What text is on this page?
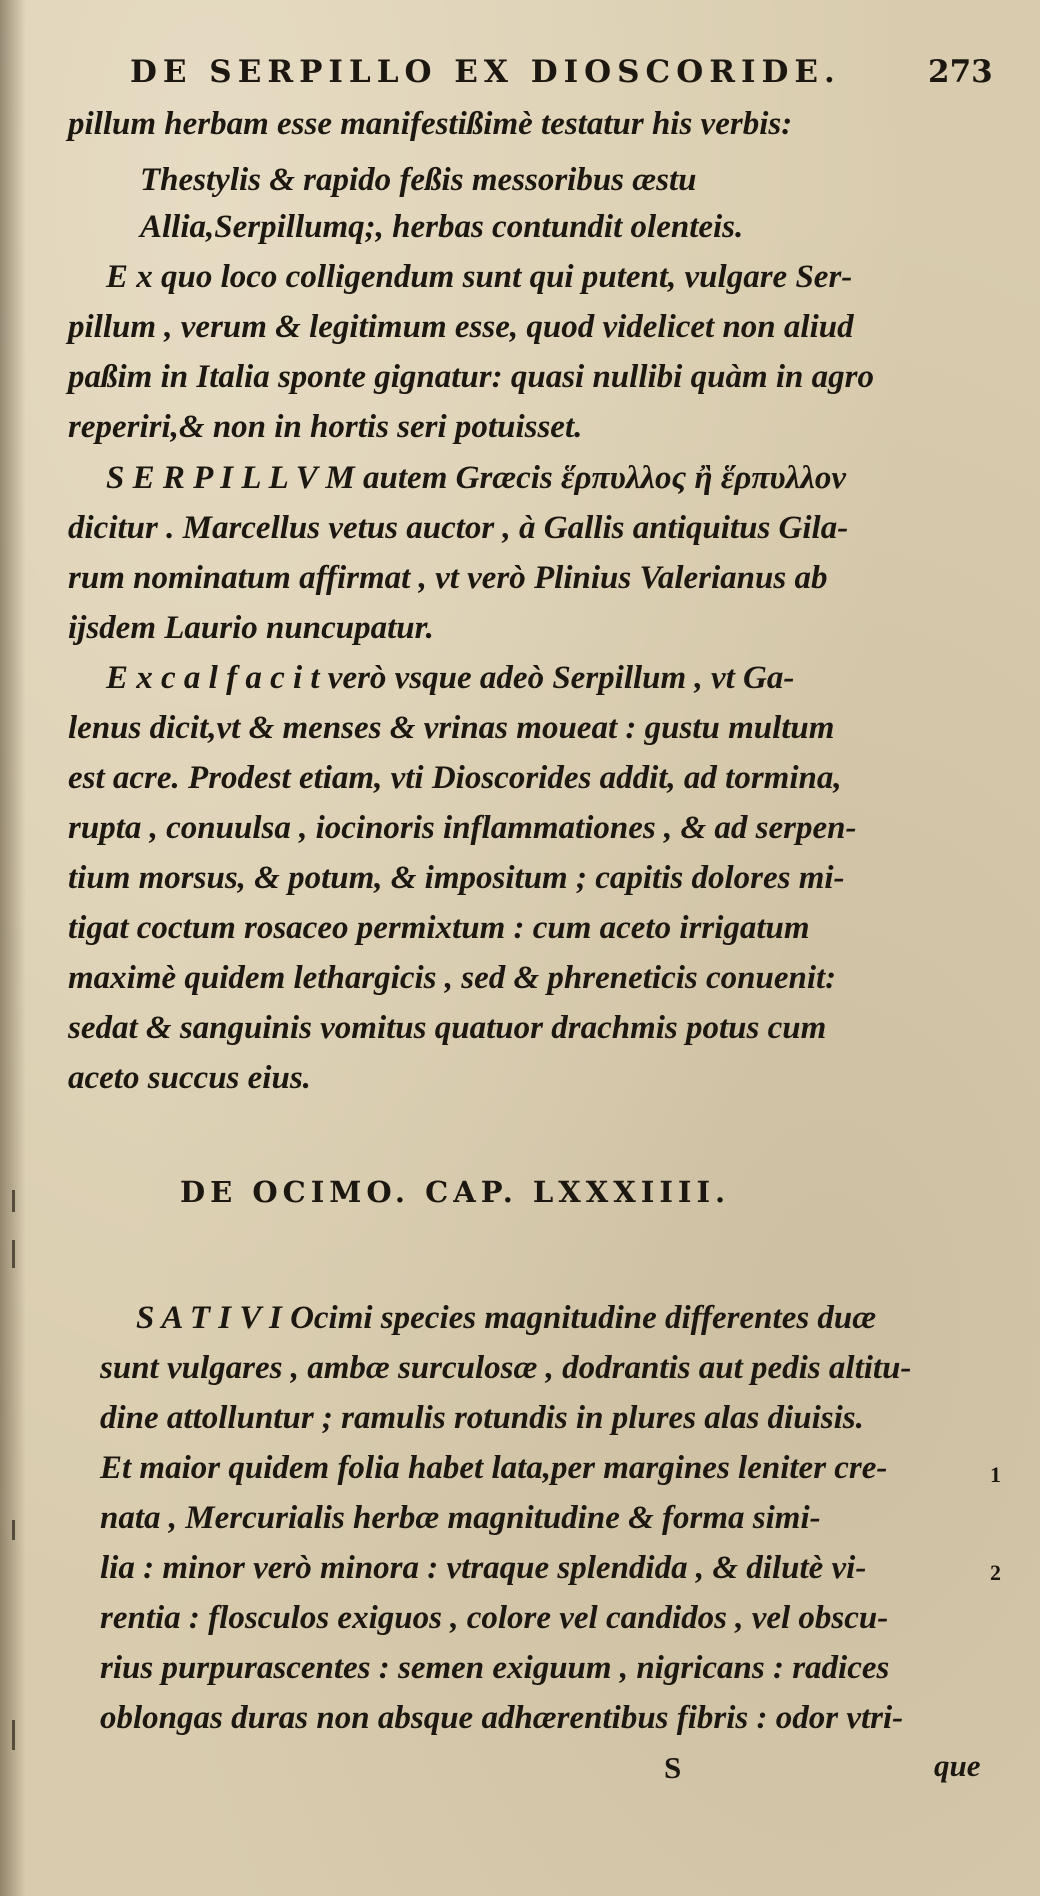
DE SERPILLO EX DIOSCORIDE.	273
pillum herbam esse manifestißimè testatur his verbis:
Thestylis & rapido feßis messoribus æstu
Allia,Serpillumq;, herbas contundit olenteis.
E x quo loco colligendum sunt qui putent, vulgare Ser-
pillum , verum & legitimum esse, quod videlicet non aliud
paßim in Italia sponte gignatur: quasi nullibi quàm in agro
reperiri,& non in hortis seri potuisset.
S E R P I L L V M autem Græcis ἕρπυλλος ἢ ἕρπυλλον
dicitur . Marcellus vetus auctor , à Gallis antiquitus Gila-
rum nominatum affirmat , vt verò Plinius Valerianus ab
ijsdem Laurio nuncupatur.
E x c a l f a c i t verò vsque adeò Serpillum , vt Ga-
lenus dicit,vt & menses & vrinas moueat : gustu multum
est acre. Prodest etiam, vti Dioscorides addit, ad tormina,
rupta , conuulsa , iocinoris inflammationes , & ad serpen-
tium morsus, & potum, & impositum ; capitis dolores mi-
tigat coctum rosaceo permixtum : cum aceto irrigatum
maximè quidem lethargicis , sed & phreneticis conuenit:
sedat & sanguinis vomitus quatuor drachmis potus cum
aceto succus eius.
DE OCIMO. CAP. LXXXIIII.
S A T I V I Ocimi species magnitudine differentes duæ
sunt vulgares , ambæ surculosæ , dodrantis aut pedis altitu-
dine attolluntur ; ramulis rotundis in plures alas diuisis.
Et maior quidem folia habet lata,per margines leniter cre-
nata , Mercurialis herbæ magnitudine & forma simi-
lia : minor verò minora : vtraque splendida , & dilutè vi-
rentia : flosculos exiguos , colore vel candidos , vel obscu-
rius purpurascentes : semen exiguum , nigricans : radices
oblongas duras non absque adhærentibus fibris : odor vtri-
1
2
S	que
